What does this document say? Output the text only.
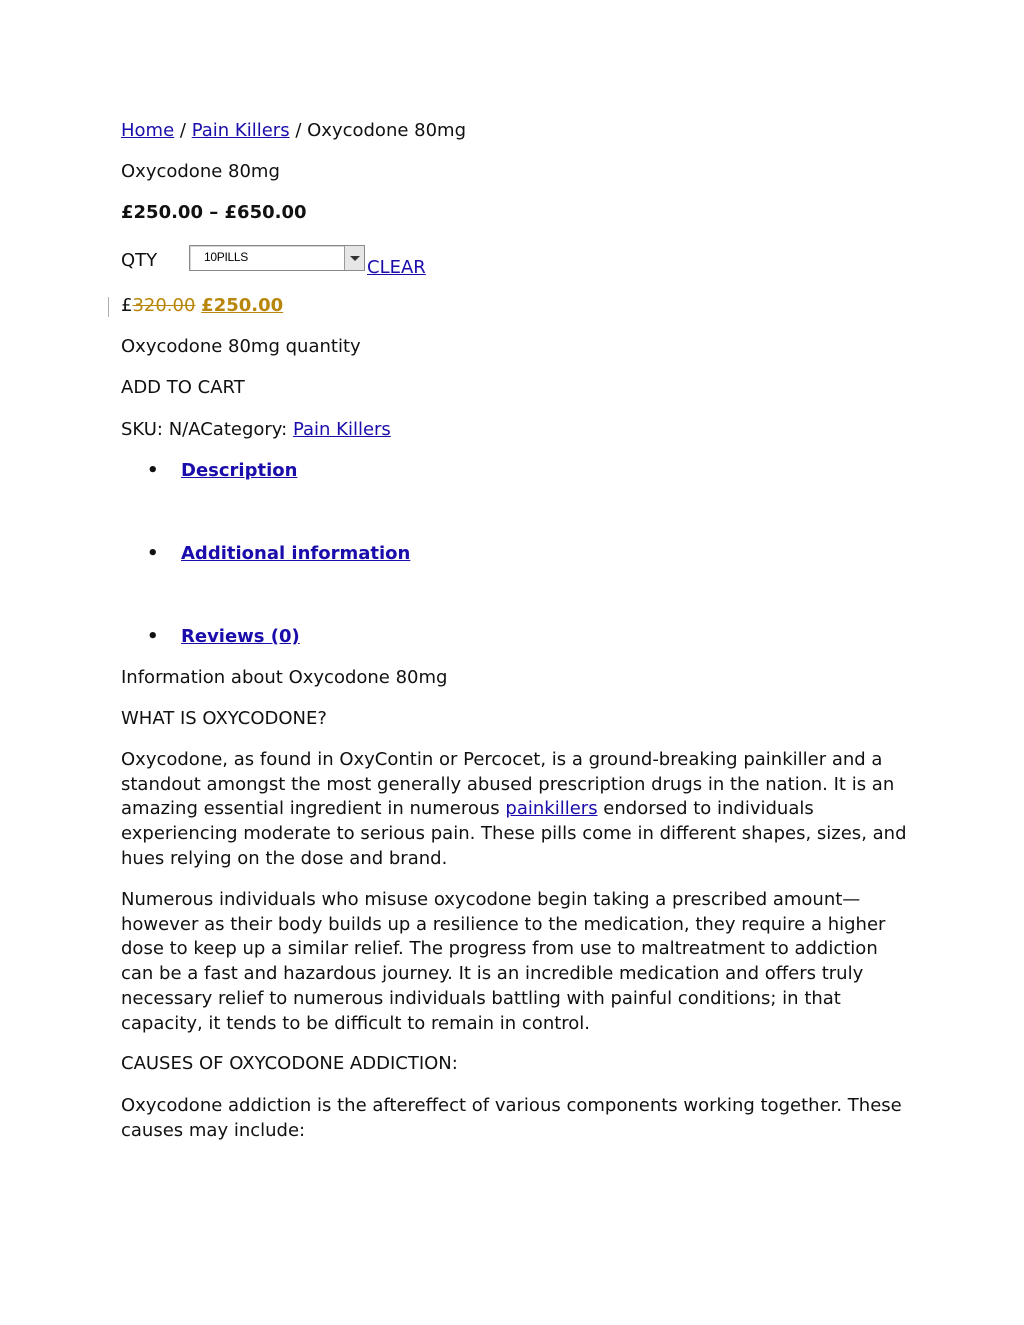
Home / Pain Killers / Oxycodone 80mg
Oxycodone 80mg
£250.00 – £650.00
QTY	10PILLS	CLEAR
£320.00 £250.00
Oxycodone 80mg quantity
ADD TO CART
SKU: N/ACategory: Pain Killers
• Description
• Additional information
• Reviews (0)
Information about Oxycodone 80mg
WHAT IS OXYCODONE?
Oxycodone, as found in OxyContin or Percocet, is a ground-breaking painkiller and a standout amongst the most generally abused prescription drugs in the nation. It is an amazing essential ingredient in numerous painkillers endorsed to individuals experiencing moderate to serious pain. These pills come in different shapes, sizes, and hues relying on the dose and brand.
Numerous individuals who misuse oxycodone begin taking a prescribed amount—however as their body builds up a resilience to the medication, they require a higher dose to keep up a similar relief. The progress from use to maltreatment to addiction can be a fast and hazardous journey. It is an incredible medication and offers truly necessary relief to numerous individuals battling with painful conditions; in that capacity, it tends to be difficult to remain in control.
CAUSES OF OXYCODONE ADDICTION:
Oxycodone addiction is the aftereffect of various components working together. These causes may include:
